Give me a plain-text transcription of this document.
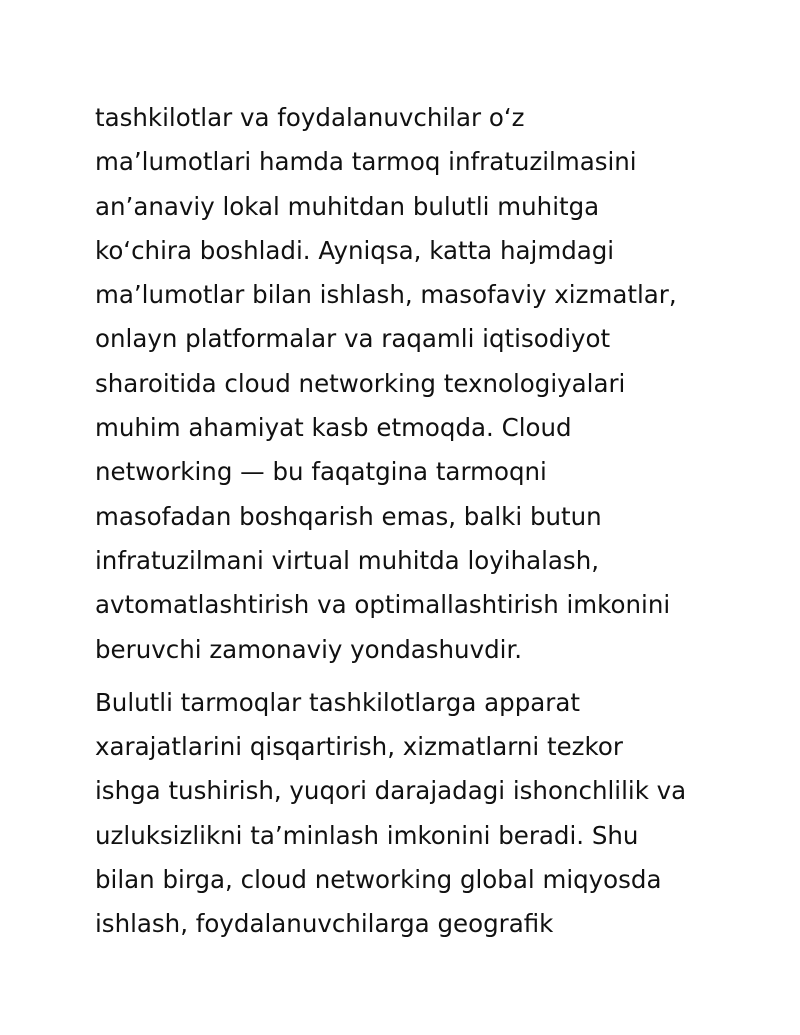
tashkilotlar va foydalanuvchilar o‘z
ma’lumotlari hamda tarmoq infratuzilmasini
an’anaviy lokal muhitdan bulutli muhitga
ko‘chira boshladi. Ayniqsa, katta hajmdagi
ma’lumotlar bilan ishlash, masofaviy xizmatlar,
onlayn platformalar va raqamli iqtisodiyot
sharoitida cloud networking texnologiyalari
muhim ahamiyat kasb etmoqda. Cloud
networking — bu faqatgina tarmoqni
masofadan boshqarish emas, balki butun
infratuzilmani virtual muhitda loyihalash,
avtomatlashtirish va optimallashtirish imkonini
beruvchi zamonaviy yondashuvdir.

Bulutli tarmoqlar tashkilotlarga apparat
xarajatlarini qisqartirish, xizmatlarni tezkor
ishga tushirish, yuqori darajadagi ishonchlilik va
uzluksizlikni ta’minlash imkonini beradi. Shu
bilan birga, cloud networking global miqyosda
ishlash, foydalanuvchilarga geografik
